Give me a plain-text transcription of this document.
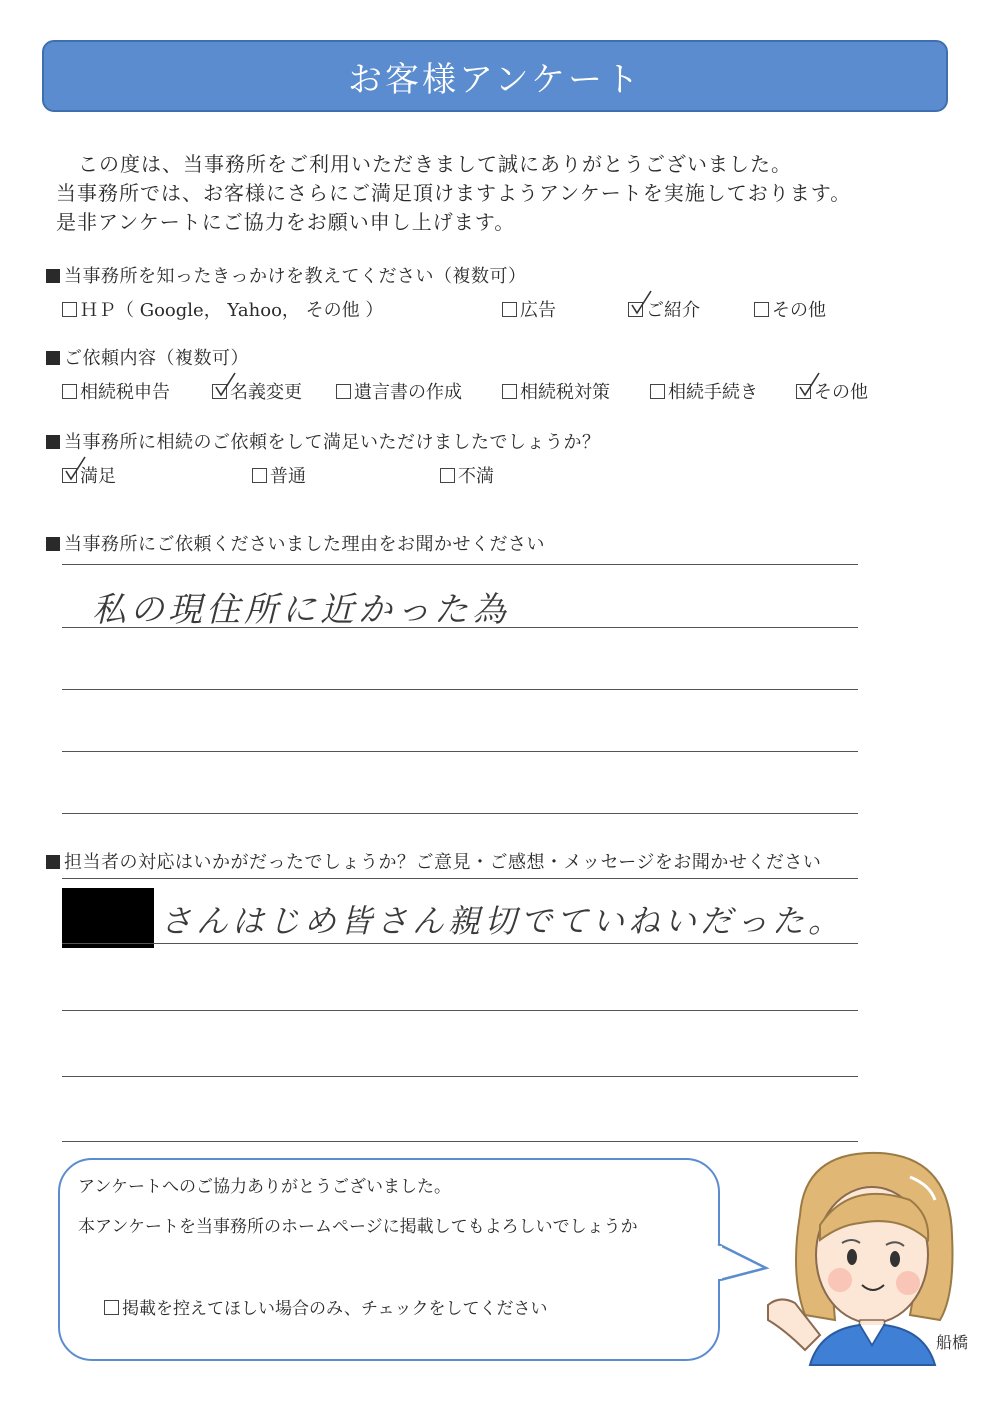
お客様アンケート
この度は、当事務所をご利用いただきまして誠にありがとうございました。
当事務所では、お客様にさらにご満足頂けますようアンケートを実施しております。
是非アンケートにご協力をお願い申し上げます。
当事務所を知ったきっかけを教えてください（複数可）
ＨＰ（ Google， Yahoo， その他 ）	広告	ご紹介	その他
ご依頼内容（複数可）
相続税申告	名義変更	遺言書の作成	相続税対策	相続手続き	その他
当事務所に相続のご依頼をして満足いただけましたでしょうか？
満足	普通	不満
当事務所にご依頼くださいました理由をお聞かせください
私の現住所に近かった為
担当者の対応はいかがだったでしょうか？ご意見・ご感想・メッセージをお聞かせください
さんはじめ皆さん親切でていねいだった。
アンケートへのご協力ありがとうございました。
本アンケートを当事務所のホームページに掲載してもよろしいでしょうか
掲載を控えてほしい場合のみ、チェックをしてください
船橋
